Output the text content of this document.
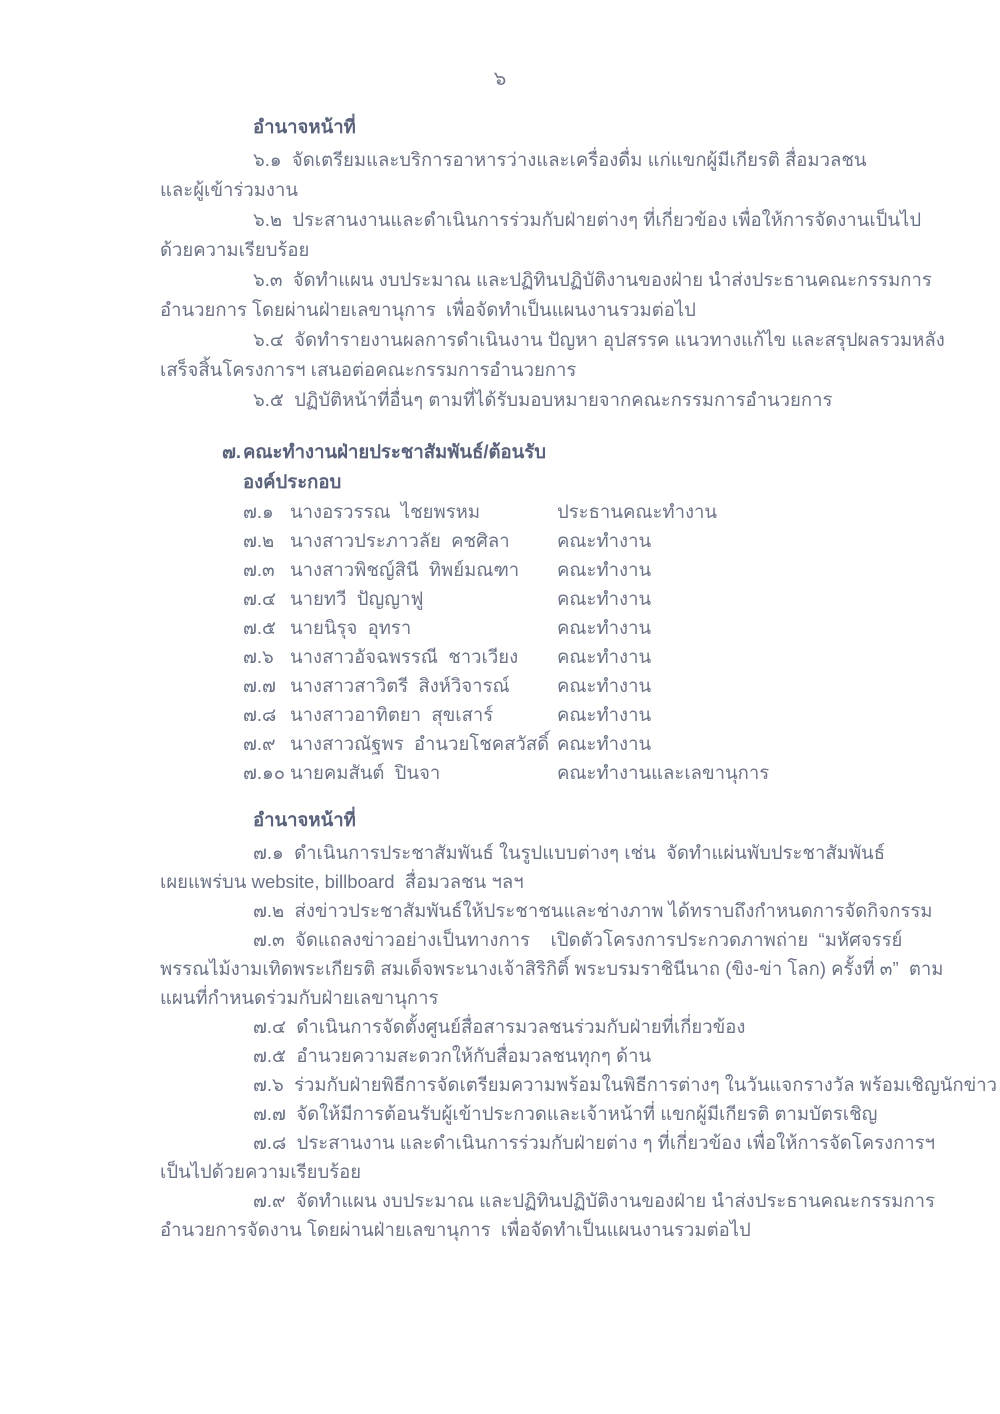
๖
อำนาจหน้าที่
๖.๑  จัดเตรียมและบริการอาหารว่างและเครื่องดื่ม แก่แขกผู้มีเกียรติ สื่อมวลชน
และผู้เข้าร่วมงาน
๖.๒  ประสานงานและดำเนินการร่วมกับฝ่ายต่างๆ ที่เกี่ยวข้อง เพื่อให้การจัดงานเป็นไป
ด้วยความเรียบร้อย
๖.๓  จัดทำแผน งบประมาณ และปฏิทินปฏิบัติงานของฝ่าย นำส่งประธานคณะกรรมการ
อำนวยการ โดยผ่านฝ่ายเลขานุการ  เพื่อจัดทำเป็นแผนงานรวมต่อไป
๖.๔  จัดทำรายงานผลการดำเนินงาน ปัญหา อุปสรรค แนวทางแก้ไข และสรุปผลรวมหลัง
เสร็จสิ้นโครงการฯ เสนอต่อคณะกรรมการอำนวยการ
๖.๕  ปฏิบัติหน้าที่อื่นๆ ตามที่ได้รับมอบหมายจากคณะกรรมการอำนวยการ
๗. คณะทำงานฝ่ายประชาสัมพันธ์/ต้อนรับ
องค์ประกอบ
๗.๑ นางอรวรรณ  ไชยพรหม	ประธานคณะทำงาน
๗.๒ นางสาวประภาวลัย  คชศิลา	คณะทำงาน
๗.๓ นางสาวพิชญ์สินี  ทิพย์มณฑา คณะทำงาน
๗.๔ นายทวี  ปัญญาฟู	คณะทำงาน
๗.๕ นายนิรุจ  อุทรา	คณะทำงาน
๗.๖ นางสาวอัจฉพรรณี  ชาวเวียง คณะทำงาน
๗.๗ นางสาวสาวิตรี  สิงห์วิจารณ์	คณะทำงาน
๗.๘ นางสาวอาทิตยา  สุขเสาร์	คณะทำงาน
๗.๙ นางสาวณัฐพร  อำนวยโชคสวัสดิ์ คณะทำงาน
๗.๑๐ นายคมสันต์  ปินจา	คณะทำงานและเลขานุการ
อำนาจหน้าที่
๗.๑  ดำเนินการประชาสัมพันธ์ ในรูปแบบต่างๆ เช่น  จัดทำแผ่นพับประชาสัมพันธ์
เผยแพร่บน website, billboard  สื่อมวลชน ฯลฯ
๗.๒  ส่งข่าวประชาสัมพันธ์ให้ประชาชนและช่างภาพ ได้ทราบถึงกำหนดการจัดกิจกรรม
๗.๓  จัดแถลงข่าวอย่างเป็นทางการ    เปิดตัวโครงการประกวดภาพถ่าย  “มหัศจรรย์
พรรณไม้งามเทิดพระเกียรติ สมเด็จพระนางเจ้าสิริกิติ์ พระบรมราชินีนาถ (ขิง-ข่า โลก) ครั้งที่ ๓”  ตาม
แผนที่กำหนดร่วมกับฝ่ายเลขานุการ
๗.๔  ดำเนินการจัดตั้งศูนย์สื่อสารมวลชนร่วมกับฝ่ายที่เกี่ยวข้อง
๗.๕  อำนวยความสะดวกให้กับสื่อมวลชนทุกๆ ด้าน
๗.๖  ร่วมกับฝ่ายพิธีการจัดเตรียมความพร้อมในพิธีการต่างๆ ในวันแจกรางวัล พร้อมเชิญนักข่าว
๗.๗  จัดให้มีการต้อนรับผู้เข้าประกวดและเจ้าหน้าที่ แขกผู้มีเกียรติ ตามบัตรเชิญ
๗.๘  ประสานงาน และดำเนินการร่วมกับฝ่ายต่าง ๆ ที่เกี่ยวข้อง เพื่อให้การจัดโครงการฯ
เป็นไปด้วยความเรียบร้อย
๗.๙  จัดทำแผน งบประมาณ และปฏิทินปฏิบัติงานของฝ่าย นำส่งประธานคณะกรรมการ
อำนวยการจัดงาน โดยผ่านฝ่ายเลขานุการ  เพื่อจัดทำเป็นแผนงานรวมต่อไป
